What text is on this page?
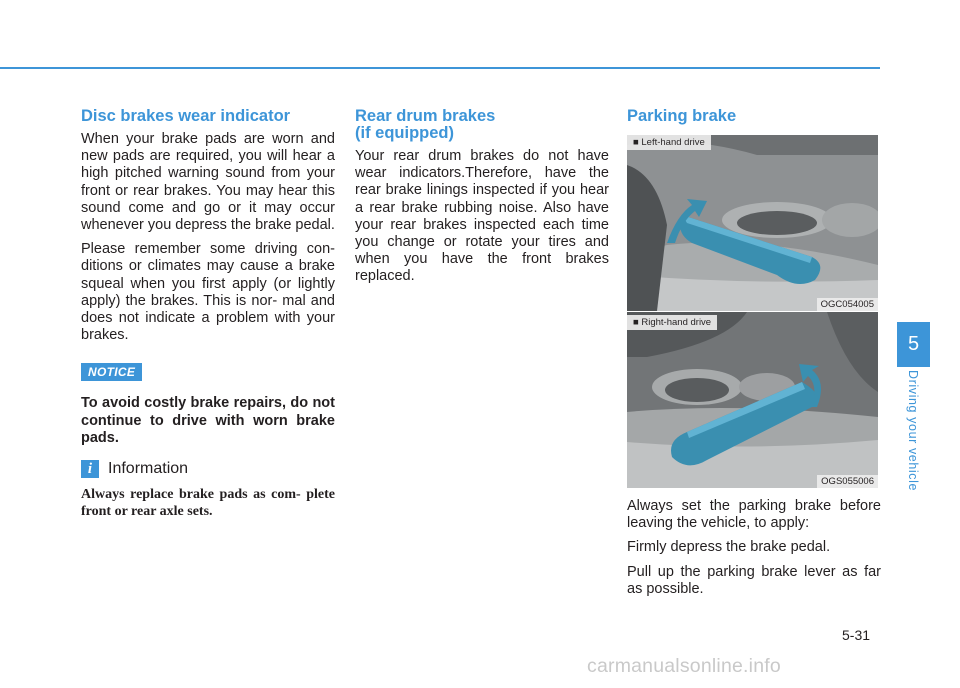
Disc brakes wear indicator

When your brake pads are worn and new pads are required, you will hear a high pitched warning sound from your front or rear brakes. You may hear this sound come and go or it may occur whenever you depress the brake pedal.

Please remember some driving con- ditions or climates may cause a brake squeal when you first apply (or lightly apply) the brakes. This is nor- mal and does not indicate a problem with your brakes.

NOTICE

To avoid costly brake repairs, do not continue to drive with worn brake pads.

i Information

Always replace brake pads as com- plete front or rear axle sets.

Rear drum brakes
(if equipped)

Your rear drum brakes do not have wear indicators.Therefore, have the rear brake linings inspected if you hear a rear brake rubbing noise. Also have your rear brakes inspected each time you change or rotate your tires and when you have the front brakes replaced.

Parking brake
■ Left-hand drive
OGC054005
■ Right-hand drive
OGS055006

Always set the parking brake before leaving the vehicle, to apply:

Firmly depress the brake pedal.

Pull up the parking brake lever as far as possible.

5
Driving your vehicle
5-31
carmanualsonline.info
